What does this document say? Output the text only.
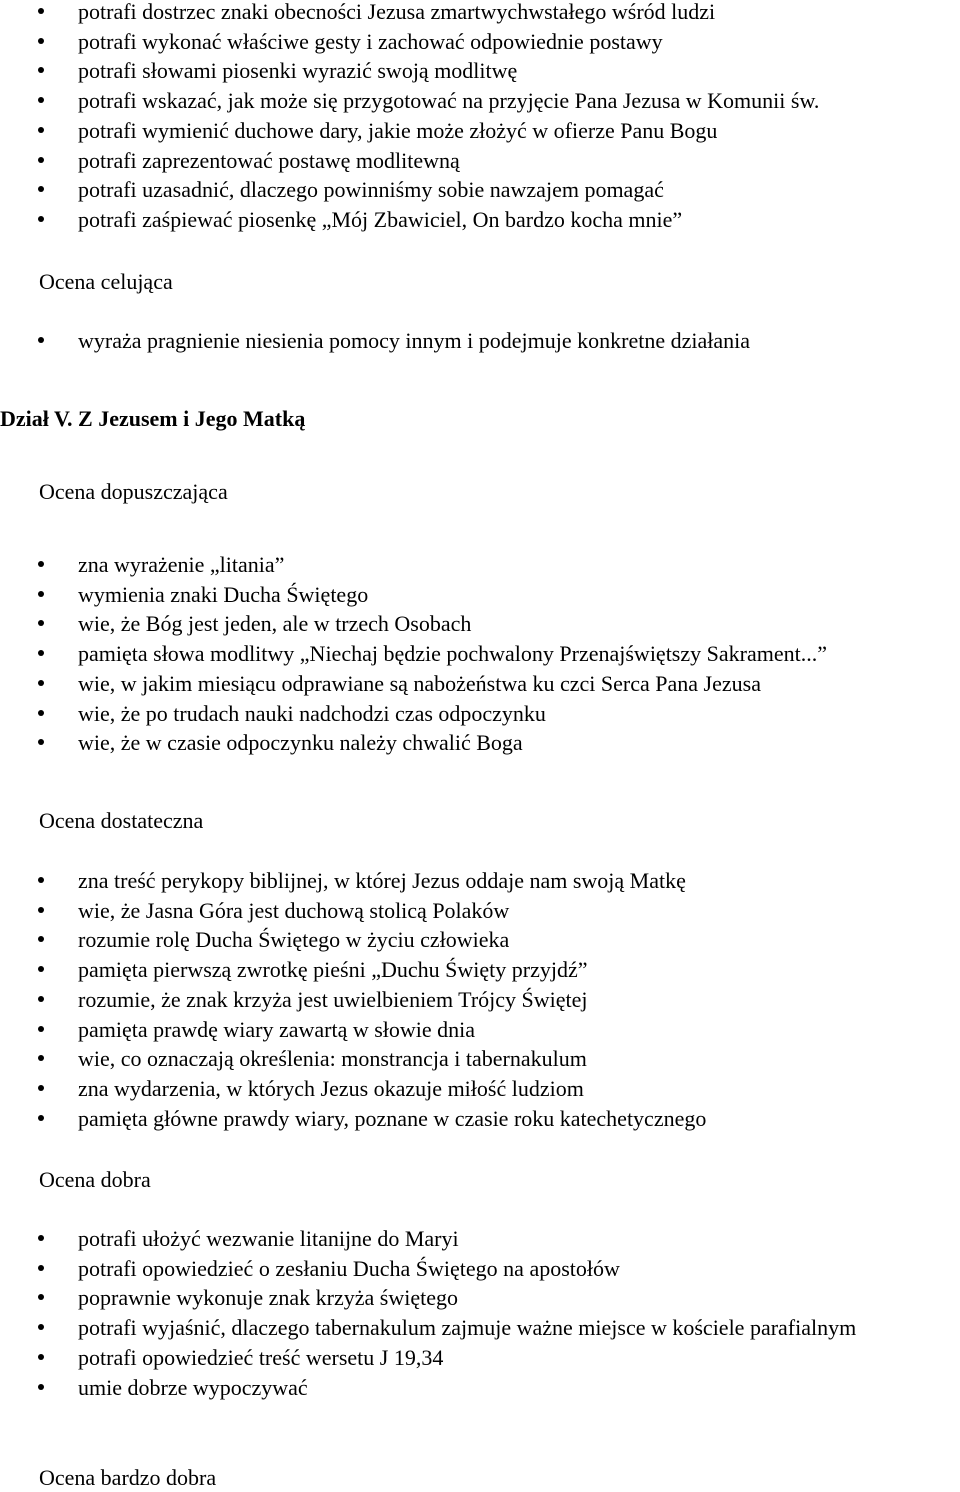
potrafi dostrzec znaki obecności Jezusa zmartwychwstałego wśród ludzi
potrafi wykonać właściwe gesty i zachować odpowiednie postawy
potrafi słowami piosenki wyrazić swoją modlitwę
potrafi wskazać, jak może się przygotować na przyjęcie Pana Jezusa w Komunii św.
potrafi wymienić duchowe dary, jakie może złożyć w ofierze Panu Bogu
potrafi zaprezentować postawę modlitewną
potrafi uzasadnić, dlaczego powinniśmy sobie nawzajem pomagać
potrafi zaśpiewać piosenkę „Mój Zbawiciel, On bardzo kocha mnie”
Ocena celująca
wyraża pragnienie niesienia pomocy innym i podejmuje konkretne działania
Dział V. Z Jezusem i Jego Matką
Ocena dopuszczająca
zna wyrażenie „litania”
wymienia znaki Ducha Świętego
wie, że Bóg jest jeden, ale w trzech Osobach
pamięta słowa modlitwy „Niechaj będzie pochwalony Przenajświętszy Sakrament...”
wie, w jakim miesiącu odprawiane są nabożeństwa ku czci Serca Pana Jezusa
wie, że po trudach nauki nadchodzi czas odpoczynku
wie, że w czasie odpoczynku należy chwalić Boga
Ocena dostateczna
zna treść perykopy biblijnej, w której Jezus oddaje nam swoją Matkę
wie, że Jasna Góra jest duchową stolicą Polaków
rozumie rolę Ducha Świętego w życiu człowieka
pamięta pierwszą zwrotkę pieśni „Duchu Święty przyjdź”
rozumie, że znak krzyża jest uwielbieniem Trójcy Świętej
pamięta prawdę wiary zawartą w słowie dnia
wie, co oznaczają określenia: monstrancja i tabernakulum
zna wydarzenia, w których Jezus okazuje miłość ludziom
pamięta główne prawdy wiary, poznane w czasie roku katechetycznego
Ocena dobra
potrafi ułożyć wezwanie litanijne do Maryi
potrafi opowiedzieć o zesłaniu Ducha Świętego na apostołów
poprawnie wykonuje znak krzyża świętego
potrafi wyjaśnić, dlaczego tabernakulum zajmuje ważne miejsce w kościele parafialnym
potrafi opowiedzieć treść wersetu J 19,34
umie dobrze wypoczywać
Ocena bardzo dobra
